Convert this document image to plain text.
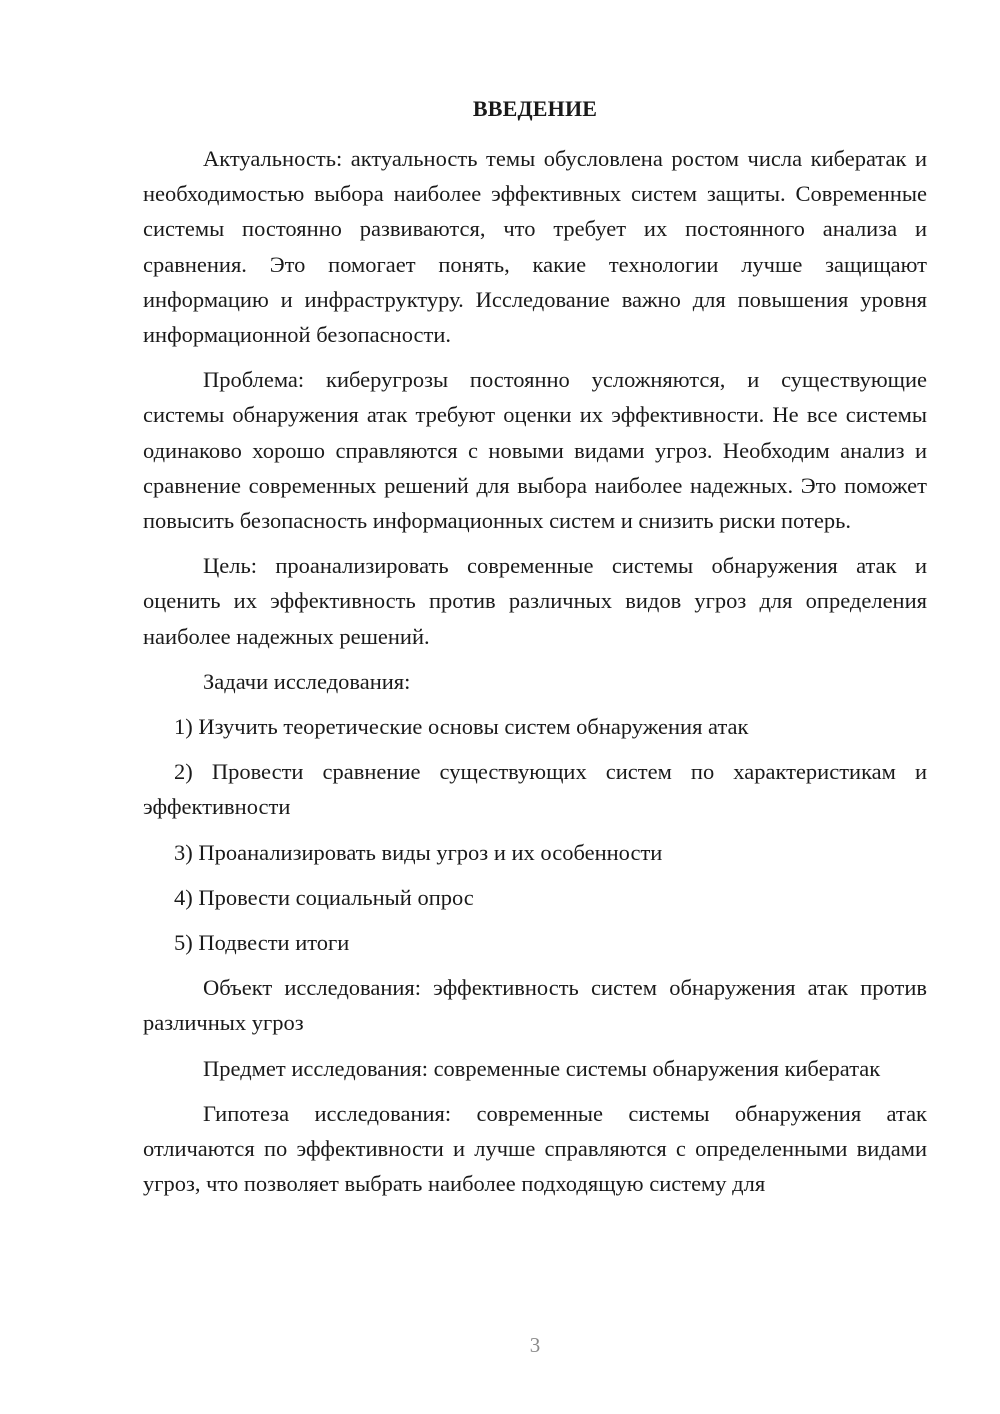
ВВЕДЕНИЕ

Актуальность: актуальность темы обусловлена ростом числа кибератак и необходимостью выбора наиболее эффективных систем защиты. Современные системы постоянно развиваются, что требует их постоянного анализа и сравнения. Это помогает понять, какие технологии лучше защищают информацию и инфраструктуру. Исследование важно для повышения уровня информационной безопасности.

Проблема: киберугрозы постоянно усложняются, и существующие системы обнаружения атак требуют оценки их эффективности. Не все системы одинаково хорошо справляются с новыми видами угроз. Необходим анализ и сравнение современных решений для выбора наиболее надежных. Это поможет повысить безопасность информационных систем и снизить риски потерь.

Цель: проанализировать современные системы обнаружения атак и оценить их эффективность против различных видов угроз для определения наиболее надежных решений.

Задачи исследования:

1) Изучить теоретические основы систем обнаружения атак

2) Провести сравнение существующих систем по характеристикам и эффективности

3) Проанализировать виды угроз и их особенности

4) Провести социальный опрос

5) Подвести итоги

Объект исследования: эффективность систем обнаружения атак против различных угроз

Предмет исследования: современные системы обнаружения кибератак

Гипотеза исследования: современные системы обнаружения атак отличаются по эффективности и лучше справляются с определенными видами угроз, что позволяет выбрать наиболее подходящую систему для

3
